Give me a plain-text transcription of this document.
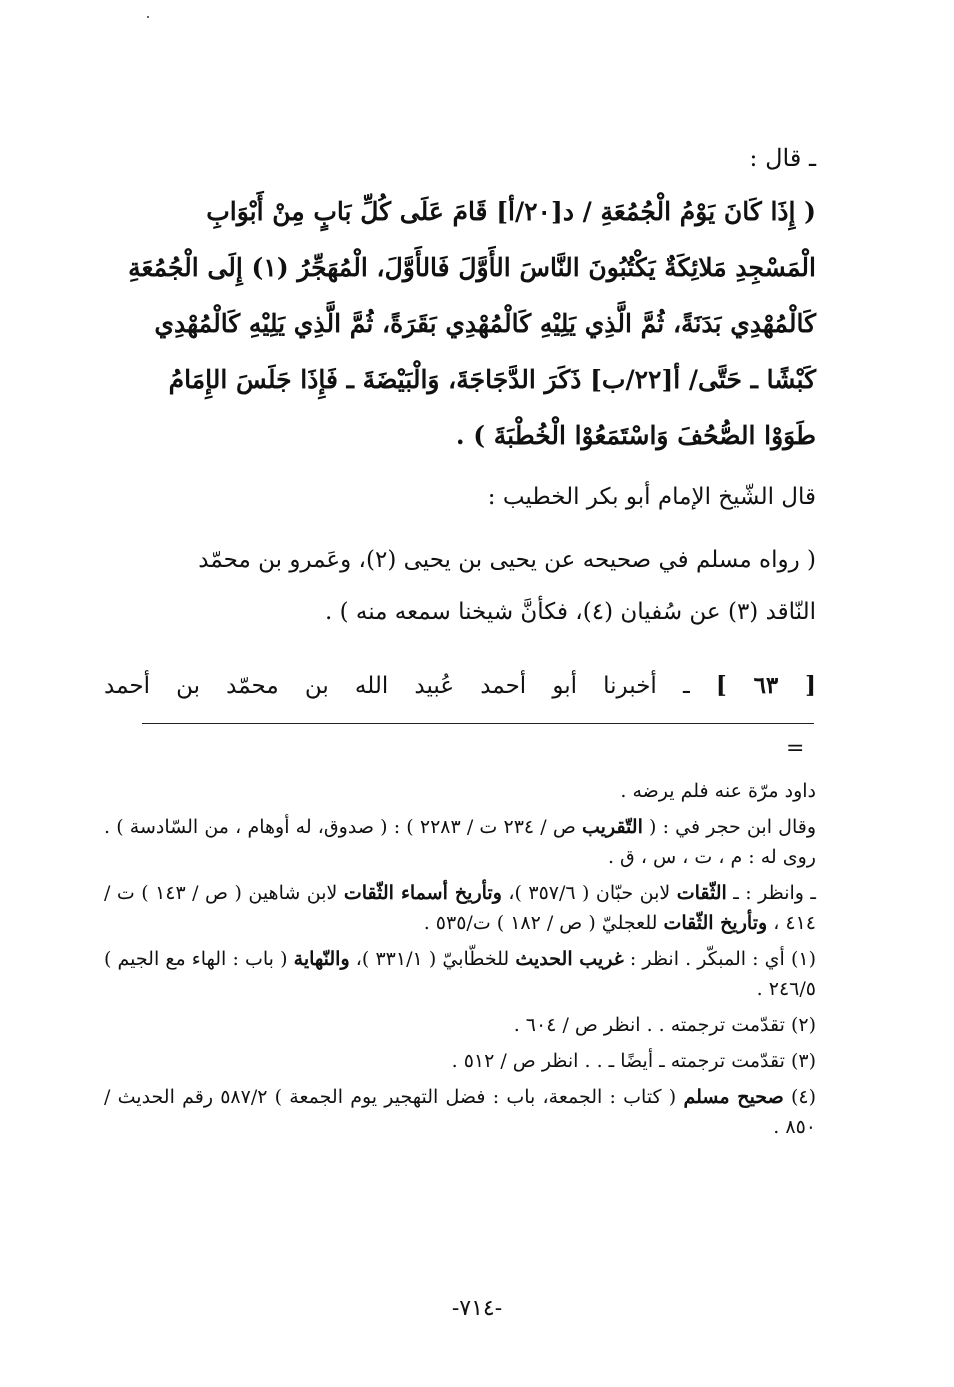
ـ قال :

( إِذَا كَانَ يَوْمُ الْجُمُعَةِ / د[٢٠/أ] قَامَ عَلَى كُلِّ بَابٍ مِنْ أَبْوَابِ

الْمَسْجِدِ مَلائِكَةٌ يَكْتُبُونَ النَّاسَ الأَوَّلَ فَالأَوَّلَ، الْمُهَجِّرُ (١) إِلَى الْجُمُعَةِ

كَالْمُهْدِي بَدَنَةً، ثُمَّ الَّذِي يَلِيْهِ كَالْمُهْدِي بَقَرَةً، ثُمَّ الَّذِي يَلِيْهِ كَالْمُهْدِي

كَبْشًا ـ حَتَّى/ أ[٢٢/ب] ذَكَرَ الدَّجَاجَةَ، وَالْبَيْضَةَ ـ فَإِذَا جَلَسَ الإِمَامُ

طَوَوْا الصُّحُفَ وَاسْتَمَعُوْا الْخُطْبَةَ ) .

قال الشّيخ الإمام أبو بكر الخطيب :

( رواه مسلم في صحيحه عن يحيى بن يحيى (٢)، وعَمرو بن محمّد

النّاقد (٣) عن سُفيان (٤)، فكأنَّ شيخنا سمعه منه ) .

[ ٦٣ ] ـ أخبرنا أبو أحمد عُبيد الله بن محمّد بن أحمد
=

داود مرّة عنه فلم يرضه .

وقال ابن حجر في : ( التّقريب ص / ٢٣٤ ت / ٢٢٨٣ ) : ( صدوق، له أوهام ، من السّادسة ) . روى له : م ، ت ، س ، ق .

ـ وانظر : ـ الثّقات لابن حبّان ( ٣٥٧/٦ )، وتأريخ أسماء الثّقات لابن شاهين ( ص / ١٤٣ ) ت / ٤١٤ ، وتأريخ الثّقات للعجليّ ( ص / ١٨٢ ) ت/٥٣٥ .

(١) أي : المبكّر . انظر : غريب الحديث للخطّابيّ ( ٣٣١/١ )، والنّهاية ( باب : الهاء مع الجيم ) ٢٤٦/٥ .

(٢) تقدّمت ترجمته . . انظر ص / ٦٠٤ .

(٣) تقدّمت ترجمته ـ أيضًا ـ . . انظر ص / ٥١٢ .

(٤) صحيح مسلم ( كتاب : الجمعة، باب : فضل التهجير يوم الجمعة ) ٥٨٧/٢ رقم الحديث / ٨٥٠ .

-٧١٤-
